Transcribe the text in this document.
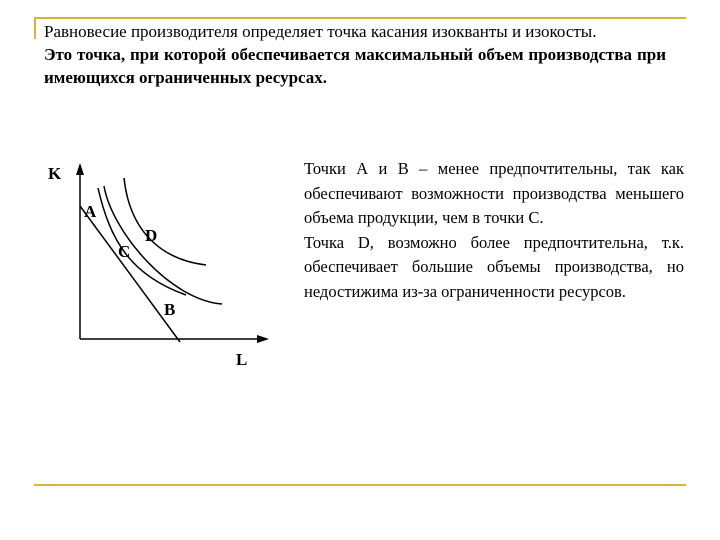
Равновесие производителя определяет точка касания изокванты и изокосты.
Это точка, при которой обеспечивается максимальный объем производства при имеющихся ограниченных ресурсах.
K
L
A
C
D
B
Точки А и В – менее предпочтительны, так как обеспечивают возможности производства меньшего объема продукции, чем в точки С.
Точка D, возможно более предпочтительна, т.к. обеспечивает большие объемы производства, но недостижима из-за ограниченности ресурсов.
